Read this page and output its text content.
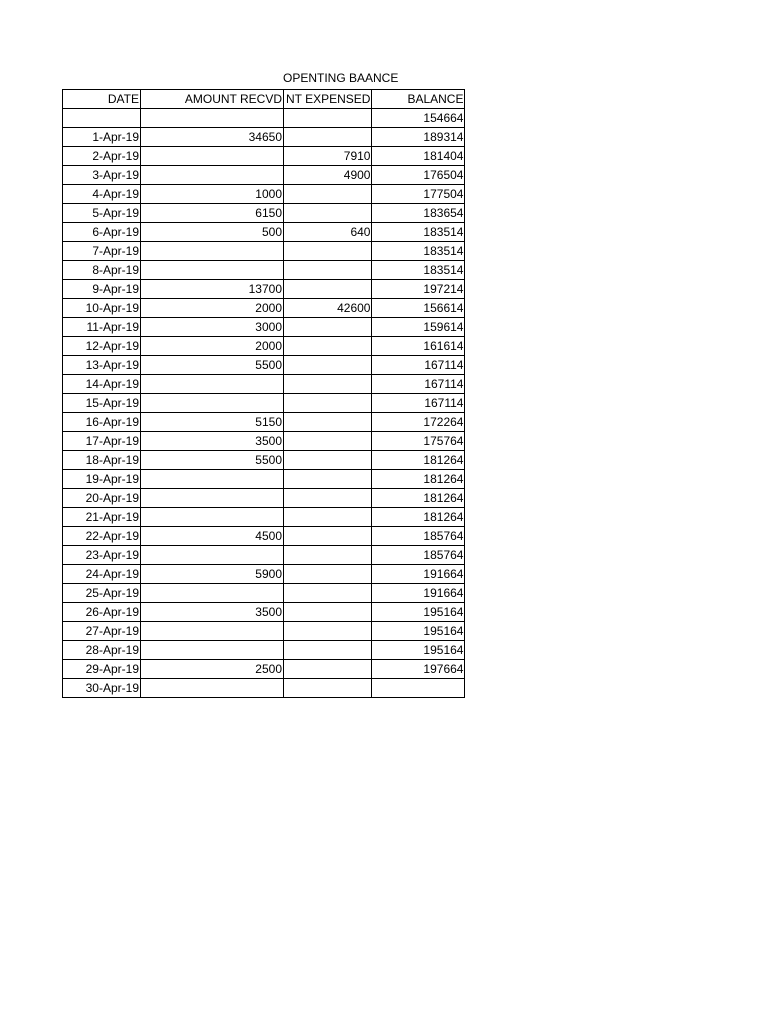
OPENTING BAANCE
DATE	AMOUNT RECVD	NT EXPENSED	BALANCE
			154664
1-Apr-19	34650		189314
2-Apr-19		7910	181404
3-Apr-19		4900	176504
4-Apr-19	1000		177504
5-Apr-19	6150		183654
6-Apr-19	500	640	183514
7-Apr-19			183514
8-Apr-19			183514
9-Apr-19	13700		197214
10-Apr-19	2000	42600	156614
11-Apr-19	3000		159614
12-Apr-19	2000		161614
13-Apr-19	5500		167114
14-Apr-19			167114
15-Apr-19			167114
16-Apr-19	5150		172264
17-Apr-19	3500		175764
18-Apr-19	5500		181264
19-Apr-19			181264
20-Apr-19			181264
21-Apr-19			181264
22-Apr-19	4500		185764
23-Apr-19			185764
24-Apr-19	5900		191664
25-Apr-19			191664
26-Apr-19	3500		195164
27-Apr-19			195164
28-Apr-19			195164
29-Apr-19	2500		197664
30-Apr-19			
